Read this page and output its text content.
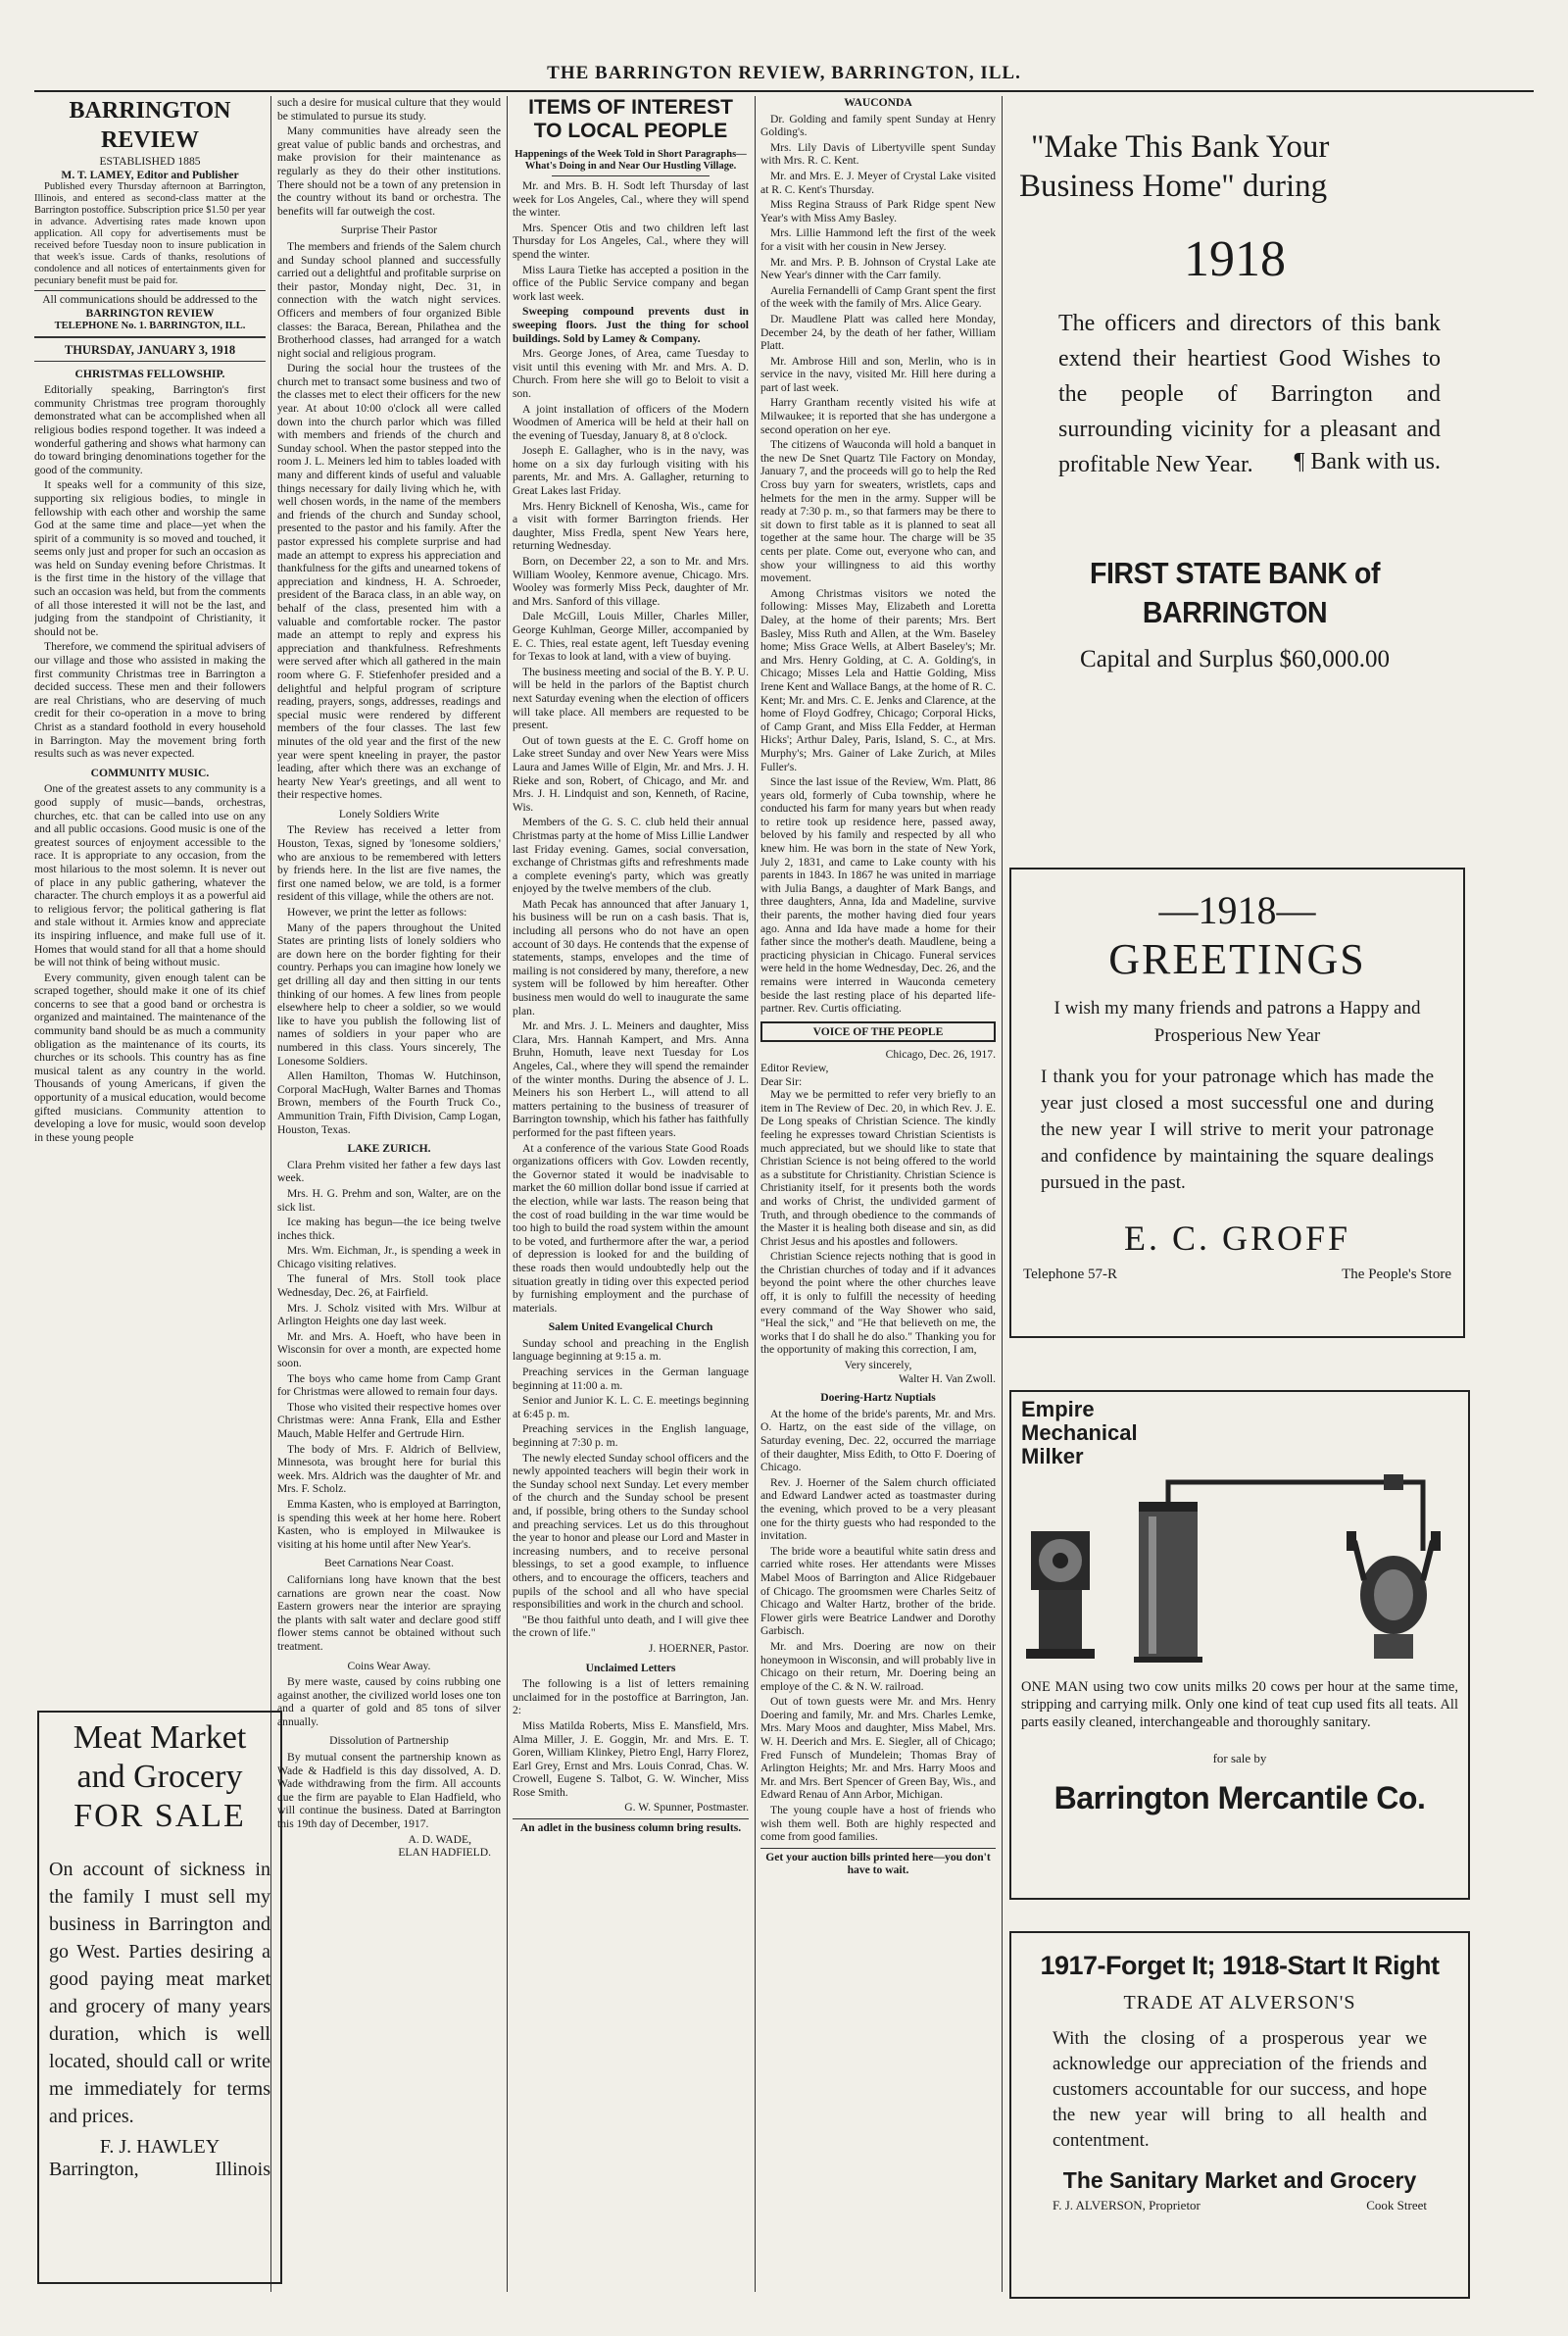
THE BARRINGTON REVIEW, BARRINGTON, ILL.
BARRINGTON REVIEW
ESTABLISHED 1885
M. T. LAMEY, Editor and Publisher

Published every Thursday afternoon at Barrington, Illinois, and entered as second-class matter at the Barrington postoffice. Subscription price $1.50 per year in advance. Advertising rates made known upon application. All copy for advertisements must be received before Tuesday noon to insure publication in that week's issue. Cards of thanks, resolutions of condolence and all notices of entertainments given for pecuniary benefit must be paid for.

All communications should be addressed to the
BARRINGTON REVIEW
TELEPHONE No. 1. BARRINGTON, ILL.
THURSDAY, JANUARY 3, 1918
CHRISTMAS FELLOWSHIP.

Editorially speaking, Barrington's first community Christmas tree program thoroughly demonstrated what can be accomplished when all religious bodies respond together. It was indeed a wonderful gathering and shows what harmony can do toward bringing denominations together for the good of the community.

It speaks well for a community of this size, supporting six religious bodies, to mingle in fellowship with each other and worship the same God at the same time and place—yet when the spirit of a community is so moved and touched, it seems only just and proper for such an occasion as was held on Sunday evening before Christmas. It is the first time in the history of the village that such an occasion was held, but from the comments of all those interested it will not be the last, and judging from the standpoint of Christianity, it should not be.

Therefore, we commend the spiritual advisers of our village and those who assisted in making the first community Christmas tree in Barrington a decided success. These men and their followers are real Christians, who are deserving of much credit for their co-operation in a move to bring Christ as a standard foothold in every household in Barrington. May the movement bring forth results such as was never expected.

COMMUNITY MUSIC.

One of the greatest assets to any community is a good supply of music—bands, orchestras, churches, etc. that can be called into use on any and all public occasions. Good music is one of the greatest sources of enjoyment accessible to the race. It is appropriate to any occasion, from the most hilarious to the most solemn. It is never out of place in any public gathering, whatever the character. The church employs it as a powerful aid to religious fervor; the political gathering is flat and stale without it. Armies know and appreciate its inspiring influence, and make full use of it. Homes that would stand for all that a home should be will not think of being without music.

Every community, given enough talent can be scraped together, should make it one of its chief concerns to see that a good band or orchestra is organized and maintained. The maintenance of the community band should be as much a community obligation as the maintenance of its courts, its churches or its schools. This country has as fine musical talent as any country in the world. Thousands of young Americans, if given the opportunity of a musical education, would become gifted musicians. Community attention to developing a love for music, would soon develop in these young people

Meat Market
and Grocery
FOR SALE
On account of sickness in the family I must sell my business in Barrington and go West. Parties desiring a good paying meat market and grocery of many years duration, which is well located, should call or write me immediately for terms and prices.
F. J. HAWLEY
Barrington,	Illinois

such a desire for musical culture that they would be stimulated to pursue its study.

Many communities have already seen the great value of public bands and orchestras, and make provision for their maintenance as regularly as they do their other institutions. There should not be a town of any pretension in the country without its band or orchestra. The benefits will far outweigh the cost.

Surprise Their Pastor

The members and friends of the Salem church and Sunday school planned and successfully carried out a delightful and profitable surprise on their pastor, Monday night, Dec. 31, in connection with the watch night services. Officers and members of four organized Bible classes: the Baraca, Berean, Philathea and the Brotherhood classes, had arranged for a watch night social and religious program.

During the social hour the trustees of the church met to transact some business and two of the classes met to elect their officers for the new year. At about 10:00 o'clock all were called down into the church parlor which was filled with members and friends of the church and Sunday school. When the pastor stepped into the room J. L. Meiners led him to tables loaded with many and different kinds of useful and valuable things necessary for daily living which he, with well chosen words, in the name of the members and friends of the church and Sunday school, presented to the pastor and his family. After the pastor expressed his complete surprise and had made an attempt to express his appreciation and thankfulness for the gifts and unearned tokens of appreciation and kindness, H. A. Schroeder, president of the Baraca class, in an able way, on behalf of the class, presented him with a valuable and comfortable rocker. The pastor made an attempt to reply and express his appreciation and thankfulness. Refreshments were served after which all gathered in the main room where G. F. Stiefenhofer presided and a delightful and helpful program of scripture reading, prayers, songs, addresses, readings and special music were rendered by different members of the four classes. The last few minutes of the old year and the first of the new year were spent kneeling in prayer, the pastor leading, after which there was an exchange of hearty New Year's greetings, and all went to their respective homes.

Lonely Soldiers Write

The Review has received a letter from Houston, Texas, signed by 'lonesome soldiers,' who are anxious to be remembered with letters by friends here. In the list are five names, the first one named below, we are told, is a former resident of this village, while the others are not.

However, we print the letter as follows:

Many of the papers throughout the United States are printing lists of lonely soldiers who are down here on the border fighting for their country. Perhaps you can imagine how lonely we get drilling all day and then sitting in our tents thinking of our homes. A few lines from people elsewhere help to cheer a soldier, so we would like to have you publish the following list of names of soldiers in your paper who are numbered in this class. Yours sincerely, The Lonesome Soldiers.

Allen Hamilton, Thomas W. Hutchinson, Corporal MacHugh, Walter Barnes and Thomas Brown, members of the Fourth Truck Co., Ammunition Train, Fifth Division, Camp Logan, Houston, Texas.

LAKE ZURICH.

Clara Prehm visited her father a few days last week.

Mrs. H. G. Prehm and son, Walter, are on the sick list.

Ice making has begun—the ice being twelve inches thick.

Mrs. Wm. Eichman, Jr., is spending a week in Chicago visiting relatives.

The funeral of Mrs. Stoll took place Wednesday, Dec. 26, at Fairfield.

Mrs. J. Scholz visited with Mrs. Wilbur at Arlington Heights one day last week.

Mr. and Mrs. A. Hoeft, who have been in Wisconsin for over a month, are expected home soon.

The boys who came home from Camp Grant for Christmas were allowed to remain four days.

Those who visited their respective homes over Christmas were: Anna Frank, Ella and Esther Mauch, Mable Helfer and Gertrude Hirn.

The body of Mrs. F. Aldrich of Bellview, Minnesota, was brought here for burial this week. Mrs. Aldrich was the daughter of Mr. and Mrs. F. Scholz.

Emma Kasten, who is employed at Barrington, is spending this week at her home here. Robert Kasten, who is employed in Milwaukee is visiting at his home until after New Year's.

Beet Carnations Near Coast.

Californians long have known that the best carnations are grown near the coast. Now Eastern growers near the interior are spraying the plants with salt water and declare good stiff flower stems cannot be obtained without such treatment.

Coins Wear Away.

By mere waste, caused by coins rubbing one against another, the civilized world loses one ton and a quarter of gold and 85 tons of silver annually.

Dissolution of Partnership

By mutual consent the partnership known as Wade & Hadfield is this day dissolved, A. D. Wade withdrawing from the firm. All accounts due the firm are payable to Elan Hadfield, who will continue the business. Dated at Barrington this 19th day of December, 1917.

A. D. WADE,
ELAN HADFIELD.
ITEMS OF INTEREST
TO LOCAL PEOPLE
Happenings of the Week Told in Short Paragraphs—What's Doing in and Near Our Hustling Village.

Mr. and Mrs. B. H. Sodt left Thursday of last week for Los Angeles, Cal., where they will spend the winter.

Mrs. Spencer Otis and two children left last Thursday for Los Angeles, Cal., where they will spend the winter.

Miss Laura Tietke has accepted a position in the office of the Public Service company and began work last week.

Sweeping compound prevents dust in sweeping floors. Just the thing for school buildings. Sold by Lamey & Company.

Mrs. George Jones, of Area, came Tuesday to visit until this evening with Mr. and Mrs. A. D. Church. From here she will go to Beloit to visit a son.

A joint installation of officers of the Modern Woodmen of America will be held at their hall on the evening of Tuesday, January 8, at 8 o'clock.

Joseph E. Gallagher, who is in the navy, was home on a six day furlough visiting with his parents, Mr. and Mrs. A. Gallagher, returning to Great Lakes last Friday.

Mrs. Henry Bicknell of Kenosha, Wis., came for a visit with former Barrington friends. Her daughter, Miss Fredla, spent New Years here, returning Wednesday.

Born, on December 22, a son to Mr. and Mrs. William Wooley, Kenmore avenue, Chicago. Mrs. Wooley was formerly Miss Peck, daughter of Mr. and Mrs. Sanford of this village.

Dale McGill, Louis Miller, Charles Miller, George Kuhlman, George Miller, accompanied by E. C. Thies, real estate agent, left Tuesday evening for Texas to look at land, with a view of buying.

The business meeting and social of the B. Y. P. U. will be held in the parlors of the Baptist church next Saturday evening when the election of officers will take place. All members are requested to be present.

Out of town guests at the E. C. Groff home on Lake street Sunday and over New Years were Miss Laura and James Wille of Elgin, Mr. and Mrs. J. H. Rieke and son, Robert, of Chicago, and Mr. and Mrs. J. H. Lindquist and son, Kenneth, of Racine, Wis.

Members of the G. S. C. club held their annual Christmas party at the home of Miss Lillie Landwer last Friday evening. Games, social conversation, exchange of Christmas gifts and refreshments made a complete evening's party, which was greatly enjoyed by the twelve members of the club.

Math Pecak has announced that after January 1, his business will be run on a cash basis. That is, including all persons who do not have an open account of 30 days. He contends that the expense of statements, stamps, envelopes and the time of mailing is not considered by many, therefore, a new system will be followed by him hereafter. Other business men would do well to inaugurate the same plan.

Mr. and Mrs. J. L. Meiners and daughter, Miss Clara, Mrs. Hannah Kampert, and Mrs. Anna Bruhn, Homuth, leave next Tuesday for Los Angeles, Cal., where they will spend the remainder of the winter months. During the absence of J. L. Meiners his son Herbert L., will attend to all matters pertaining to the business of treasurer of Barrington township, which his father has faithfully performed for the past fifteen years.

At a conference of the various State Good Roads organizations officers with Gov. Lowden recently, the Governor stated it would be inadvisable to market the 60 million dollar bond issue if carried at the election, while war lasts. The reason being that the cost of road building in the war time would be too high to build the road system within the amount to be voted, and furthermore after the war, a period of depression is looked for and the building of these roads then would undoubtedly help out the situation greatly in tiding over this expected period by furnishing employment and the purchase of materials.

Salem United Evangelical Church

Sunday school and preaching in the English language beginning at 9:15 a. m.

Preaching services in the German language beginning at 11:00 a. m.

Senior and Junior K. L. C. E. meetings beginning at 6:45 p. m.

Preaching services in the English language, beginning at 7:30 p. m.

The newly elected Sunday school officers and the newly appointed teachers will begin their work in the Sunday school next Sunday. Let every member of the church and the Sunday school be present and, if possible, bring others to the Sunday school and preaching services. Let us do this throughout the year to honor and please our Lord and Master in increasing numbers, and to receive personal blessings, to set a good example, to influence others, and to encourage the officers, teachers and pupils of the school and all who have special responsibilities and work in the church and school.

"Be thou faithful unto death, and I will give thee the crown of life."

J. HOERNER, Pastor.
Unclaimed Letters

The following is a list of letters remaining unclaimed for in the postoffice at Barrington, Jan. 2:

Miss Matilda Roberts, Miss E. Mansfield, Mrs. Alma Miller, J. E. Goggin, Mr. and Mrs. E. T. Goren, William Klinkey, Pietro Engl, Harry Florez, Earl Grey, Ernst and Mrs. Louis Conrad, Chas. W. Crowell, Eugene S. Talbot, G. W. Wincher, Miss Rose Smith.

G. W. Spunner, Postmaster.
An adlet in the business column bring results.
WAUCONDA

Dr. Golding and family spent Sunday at Henry Golding's.

Mrs. Lily Davis of Libertyville spent Sunday with Mrs. R. C. Kent.

Mr. and Mrs. E. J. Meyer of Crystal Lake visited at R. C. Kent's Thursday.

Miss Regina Strauss of Park Ridge spent New Year's with Miss Amy Basley.

Mrs. Lillie Hammond left the first of the week for a visit with her cousin in New Jersey.

Mr. and Mrs. P. B. Johnson of Crystal Lake ate New Year's dinner with the Carr family.

Aurelia Fernandelli of Camp Grant spent the first of the week with the family of Mrs. Alice Geary.

Dr. Maudlene Platt was called here Monday, December 24, by the death of her father, William Platt.

Mr. Ambrose Hill and son, Merlin, who is in service in the navy, visited Mr. Hill here during a part of last week.

Harry Grantham recently visited his wife at Milwaukee; it is reported that she has undergone a second operation on her eye.

The citizens of Wauconda will hold a banquet in the new De Snet Quartz Tile Factory on Monday, January 7, and the proceeds will go to help the Red Cross buy yarn for sweaters, wristlets, caps and helmets for the men in the army. Supper will be ready at 7:30 p. m., so that farmers may be there to sit down to first table as it is planned to seat all together at the same hour. The charge will be 35 cents per plate. Come out, everyone who can, and show your willingness to aid this worthy movement.

Among Christmas visitors we noted the following: Misses May, Elizabeth and Loretta Daley, at the home of their parents; Mrs. Bert Basley, Miss Ruth and Allen, at the Wm. Baseley home; Miss Grace Wells, at Albert Baseley's; Mr. and Mrs. Henry Golding, at C. A. Golding's, in Chicago; Misses Lela and Hattie Golding, Miss Irene Kent and Wallace Bangs, at the home of R. C. Kent; Mr. and Mrs. C. E. Jenks and Clarence, at the home of Floyd Godfrey, Chicago; Corporal Hicks, of Camp Grant, and Miss Ella Fedder, at Herman Hicks'; Arthur Daley, Paris, Island, S. C., at Mrs. Murphy's; Mrs. Gainer of Lake Zurich, at Miles Fuller's.

Since the last issue of the Review, Wm. Platt, 86 years old, formerly of Cuba township, where he conducted his farm for many years but when ready to retire took up residence here, passed away, beloved by his family and respected by all who knew him. He was born in the state of New York, July 2, 1831, and came to Lake county with his parents in 1843. In 1867 he was united in marriage with Julia Bangs, a daughter of Mark Bangs, and three daughters, Anna, Ida and Madeline, survive their parents, the mother having died four years ago. Anna and Ida have made a home for their father since the mother's death. Maudlene, being a practicing physician in Chicago. Funeral services were held in the home Wednesday, Dec. 26, and the remains were interred in Wauconda cemetery beside the last resting place of his departed life-partner. Rev. Curtis officiating.

VOICE OF THE PEOPLE
Chicago, Dec. 26, 1917.
Editor Review,
Dear Sir:

May we be permitted to refer very briefly to an item in The Review of Dec. 20, in which Rev. J. E. De Long speaks of Christian Science. The kindly feeling he expresses toward Christian Scientists is much appreciated, but we should like to state that Christian Science is not being offered to the world as a substitute for Christianity. Christian Science is Christianity itself, for it presents both the words and works of Christ, the undivided garment of Truth, and through obedience to the commands of the Master it is healing both disease and sin, as did Christ Jesus and his apostles and followers.

Christian Science rejects nothing that is good in the Christian churches of today and if it advances beyond the point where the other churches leave off, it is only to fulfill the necessity of heeding every command of the Way Shower who said, "Heal the sick," and "He that believeth on me, the works that I do shall he do also." Thanking you for the opportunity of making this correction, I am,

Very sincerely,
Walter H. Van Zwoll.
Doering-Hartz Nuptials

At the home of the bride's parents, Mr. and Mrs. O. Hartz, on the east side of the village, on Saturday evening, Dec. 22, occurred the marriage of their daughter, Miss Edith, to Otto F. Doering of Chicago.

Rev. J. Hoerner of the Salem church officiated and Edward Landwer acted as toastmaster during the evening, which proved to be a very pleasant one for the thirty guests who had responded to the invitation.

The bride wore a beautiful white satin dress and carried white roses. Her attendants were Misses Mabel Moos of Barrington and Alice Ridgebauer of Chicago. The groomsmen were Charles Seitz of Chicago and Walter Hartz, brother of the bride. Flower girls were Beatrice Landwer and Dorothy Garbisch.

Mr. and Mrs. Doering are now on their honeymoon in Wisconsin, and will probably live in Chicago on their return, Mr. Doering being an employe of the C. & N. W. railroad.

Out of town guests were Mr. and Mrs. Henry Doering and family, Mr. and Mrs. Charles Lemke, Mrs. Mary Moos and daughter, Miss Mabel, Mrs. W. H. Deerich and Mrs. E. Siegler, all of Chicago; Fred Funsch of Mundelein; Thomas Bray of Arlington Heights; Mr. and Mrs. Harry Moos and Mr. and Mrs. Bert Spencer of Green Bay, Wis., and Edward Renau of Ann Arbor, Michigan.

The young couple have a host of friends who wish them well. Both are highly respected and come from good families.

Get your auction bills printed here—you don't have to wait.
"Make This Bank Your
Business Home" during
1918
The officers and directors of this bank extend their heartiest Good Wishes to the people of Barrington and surrounding vicinity for a pleasant and profitable New Year.	¶ Bank with us.
FIRST STATE BANK of BARRINGTON
Capital and Surplus $60,000.00
—1918—
GREETINGS
I wish my many friends and patrons a Happy and Prosperious New Year
I thank you for your patronage which has made the year just closed a most successful one and during the new year I will strive to merit your patronage and confidence by maintaining the square dealings pursued in the past.
E. C. GROFF
Telephone 57-R	The People's Store
Empire
Mechanical
Milker
ONE MAN using two cow units milks 20 cows per hour at the same time, stripping and carrying milk. Only one kind of teat cup used fits all teats. All parts easily cleaned, interchangeable and thoroughly sanitary.
for sale by
Barrington Mercantile Co.
1917-Forget It; 1918-Start It Right
TRADE AT ALVERSON'S
With the closing of a prosperous year we acknowledge our appreciation of the friends and customers accountable for our success, and hope the new year will bring to all health and contentment.
The Sanitary Market and Grocery
F. J. ALVERSON, Proprietor	Cook Street
